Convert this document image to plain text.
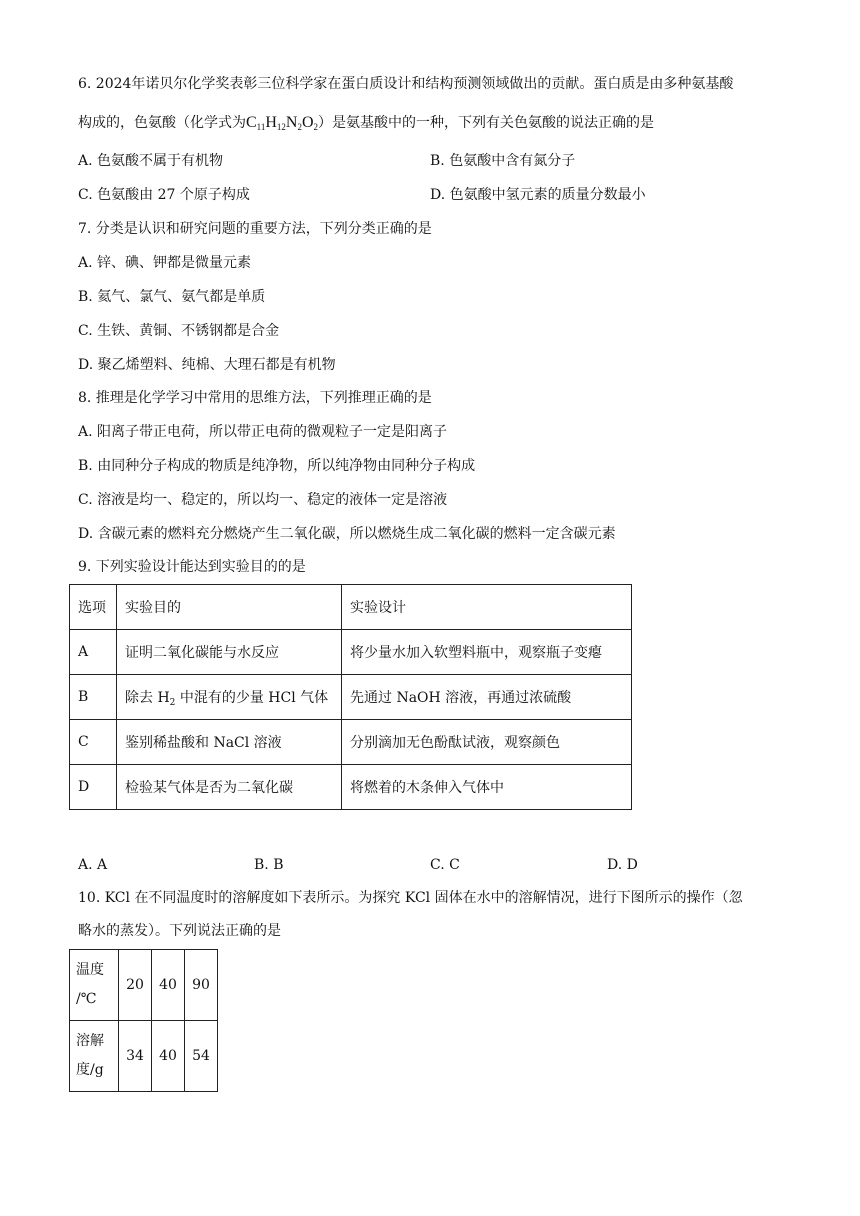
6. 2024年诺贝尔化学奖表彰三位科学家在蛋白质设计和结构预测领域做出的贡献。蛋白质是由多种氨基酸
构成的，色氨酸（化学式为$C_{11}H_{12}N_2O_2$）是氨基酸中的一种，下列有关色氨酸的说法正确的是
A. 色氨酸不属于有机物	B. 色氨酸中含有氮分子
C. 色氨酸由 27 个原子构成	D. 色氨酸中氢元素的质量分数最小
7. 分类是认识和研究问题的重要方法，下列分类正确的是
A. 锌、碘、钾都是微量元素
B. 氦气、氯气、氨气都是单质
C. 生铁、黄铜、不锈钢都是合金
D. 聚乙烯塑料、纯棉、大理石都是有机物
8. 推理是化学学习中常用的思维方法，下列推理正确的是
A. 阳离子带正电荷，所以带正电荷的微观粒子一定是阳离子
B. 由同种分子构成的物质是纯净物，所以纯净物由同种分子构成
C. 溶液是均一、稳定的，所以均一、稳定的液体一定是溶液
D. 含碳元素的燃料充分燃烧产生二氧化碳，所以燃烧生成二氧化碳的燃料一定含碳元素
9. 下列实验设计能达到实验目的的是
选项	实验目的	实验设计
A	证明二氧化碳能与水反应	将少量水加入软塑料瓶中，观察瓶子变瘪
B	除去 $H_2$ 中混有的少量 HCl 气体	先通过 NaOH 溶液，再通过浓硫酸
C	鉴别稀盐酸和 NaCl 溶液	分别滴加无色酚酞试液，观察颜色
D	检验某气体是否为二氧化碳	将燃着的木条伸入气体中
A. A	B. B	C. C	D. D
10. KCl 在不同温度时的溶解度如下表所示。为探究 KCl 固体在水中的溶解情况，进行下图所示的操作（忽
略水的蒸发）。下列说法正确的是
温度
/℃	20	40	90
溶解
度/g	34	40	54
